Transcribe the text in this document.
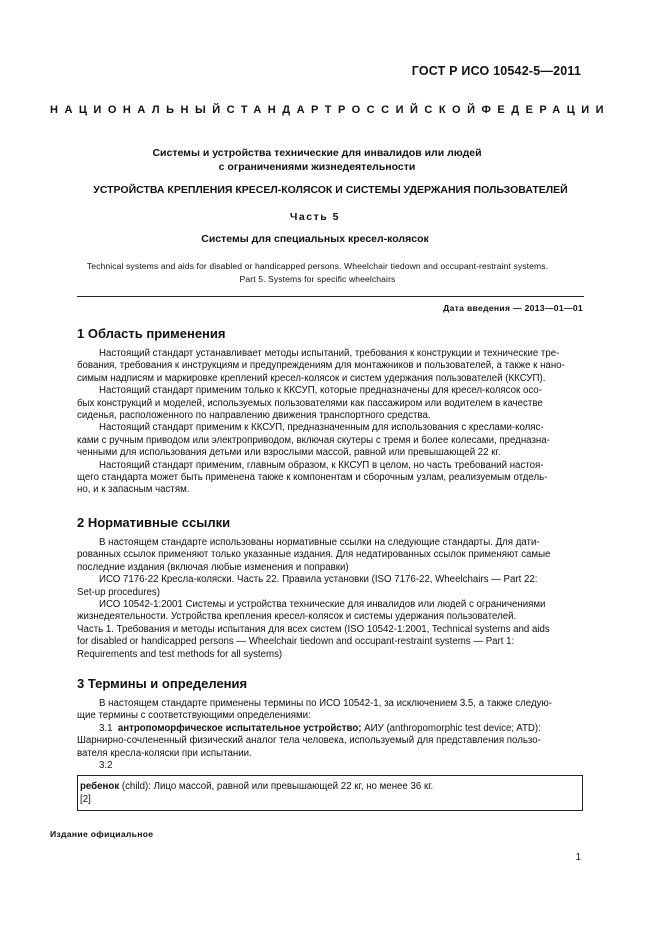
ГОСТ Р ИСО 10542-5—2011
НАЦИОНАЛЬНЫЙ СТАНДАРТ РОССИЙСКОЙ ФЕДЕРАЦИИ
Системы и устройства технические для инвалидов или людей
с ограничениями жизнедеятельности
УСТРОЙСТВА КРЕПЛЕНИЯ КРЕСЕЛ-КОЛЯСОК И СИСТЕМЫ УДЕРЖАНИЯ ПОЛЬЗОВАТЕЛЕЙ
Часть 5
Системы для специальных кресел-колясок
Technical systems and aids for disabled or handicapped persons. Wheelchair tiedown and occupant-restraint systems.
Part 5. Systems for specific wheelchairs
Дата введения — 2013—01—01
1 Область применения

Настоящий стандарт устанавливает методы испытаний, требования к конструкции и технические тре-

бования, требования к инструкциям и предупреждениям для монтажников и пользователей, а также к нано-

симым надписям и маркировке креплений кресел-колясок и систем удержания пользователей (ККСУП).

Настоящий стандарт применим только к ККСУП, которые предназначены для кресел-колясок осо-

бых конструкций и моделей, используемых пользователями как пассажиром или водителем в качестве

сиденья, расположенного по направлению движения транспортного средства.

Настоящий стандарт применим к ККСУП, предназначенным для использования с креслами-коляс-

ками с ручным приводом или электроприводом, включая скутеры с тремя и более колесами, предназна-

ченными для использования детьми или взрослыми массой, равной или превышающей 22 кг.

Настоящий стандарт применим, главным образом, к ККСУП в целом, но часть требований настоя-

щего стандарта может быть применена также к компонентам и сборочным узлам, реализуемым отдель-

но, и к запасным частям.

2 Нормативные ссылки

В настоящем стандарте использованы нормативные ссылки на следующие стандарты. Для дати-

рованных ссылок применяют только указанные издания. Для недатированных ссылок применяют самые

последние издания (включая любые изменения и поправки)

ИСО 7176-22 Кресла-коляски. Часть 22. Правила установки (ISO 7176-22, Wheelchairs — Part 22:

Set-up procedures)

ИСО 10542-1:2001 Системы и устройства технические для инвалидов или людей с ограничениями

жизнедеятельности. Устройства крепления кресел-колясок и системы удержания пользователей.

Часть 1. Требования и методы испытания для всех систем (ISO 10542-1:2001, Technical systems and aids

for disabled or handicapped persons — Wheelchair tiedown and occupant-restraint systems — Part 1:

Requirements and test methods for all systems)

3 Термины и определения

В настоящем стандарте применены термины по ИСО 10542-1, за исключением 3.5, а также следую-

щие термины с соответствующими определениями:

3.1 антропоморфическое испытательное устройство; АИУ (anthropomorphic test device; ATD):

Шарнирно-сочлененный физический аналог тела человека, используемый для представления пользо-

вателя кресла-коляски при испытании.

3.2

ребенок (child): Лицо массой, равной или превышающей 22 кг, но менее 36 кг.
[2]
Издание официальное
1
